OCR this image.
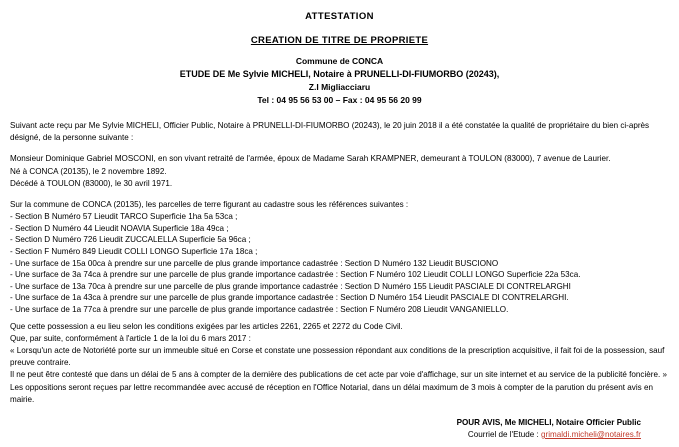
ATTESTATION
CREATION DE TITRE DE PROPRIETE
Commune de CONCA
ETUDE DE Me Sylvie MICHELI, Notaire à PRUNELLI-DI-FIUMORBO (20243),
Z.I Migliacciaru
Tel : 04 95 56 53 00 – Fax : 04 95 56 20 99
Suivant acte reçu par Me Sylvie MICHELI, Officier Public, Notaire à PRUNELLI-DI-FIUMORBO (20243), le 20 juin 2018 il a été constatée la qualité de propriétaire du bien ci-après désigné, de la personne suivante :
Monsieur Dominique Gabriel MOSCONI, en son vivant retraité de l'armée, époux de Madame Sarah KRAMPNER, demeurant à TOULON (83000), 7 avenue de Laurier.
Né à CONCA (20135), le 2 novembre 1892.
Décédé à TOULON (83000), le 30 avril 1971.
Sur la commune de CONCA (20135), les parcelles de terre figurant au cadastre sous les références suivantes :
- Section B Numéro 57 Lieudit TARCO Superficie 1ha 5a 53ca ;
- Section D Numéro 44 Lieudit NOAVIA Superficie 18a 49ca ;
- Section D Numéro 726 Lieudit ZUCCALELLA Superficie 5a 96ca ;
- Section F Numéro 849 Lieudit COLLI LONGO Superficie 17a 18ca ;
- Une surface de 15a 00ca à prendre sur une parcelle de plus grande importance cadastrée : Section D Numéro 132 Lieudit BUSCIONO
- Une surface de 3a 74ca à prendre sur une parcelle de plus grande importance cadastrée : Section F Numéro 102 Lieudit COLLI LONGO Superficie 22a 53ca.
- Une surface de 13a 70ca à prendre sur une parcelle de plus grande importance cadastrée : Section D Numéro 155 Lieudit PASCIALE DI CONTRELARGHI
- Une surface de 1a 43ca à prendre sur une parcelle de plus grande importance cadastrée : Section D Numéro 154 Lieudit PASCIALE DI CONTRELARGHI.
- Une surface de 1a 77ca à prendre sur une parcelle de plus grande importance cadastrée : Section F Numéro 208 Lieudit VANGANIELLO.
Que cette possession a eu lieu selon les conditions exigées par les articles 2261, 2265 et 2272 du Code Civil.
Que, par suite, conformément à l'article 1 de la loi du 6 mars 2017 :
« Lorsqu'un acte de Notoriété porte sur un immeuble situé en Corse et constate une possession répondant aux conditions de la prescription acquisitive, il fait foi de la possession, sauf preuve contraire.
Il ne peut être contesté que dans un délai de 5 ans à compter de la dernière des publications de cet acte par voie d'affichage, sur un site internet et au service de la publicité foncière. »
Les oppositions seront reçues par lettre recommandée avec accusé de réception en l'Office Notarial, dans un délai maximum de 3 mois à compter de la parution du présent avis en mairie.
POUR AVIS, Me MICHELI, Notaire Officier Public
Courriel de l'Etude : grimaldi.micheli@notaires.fr
